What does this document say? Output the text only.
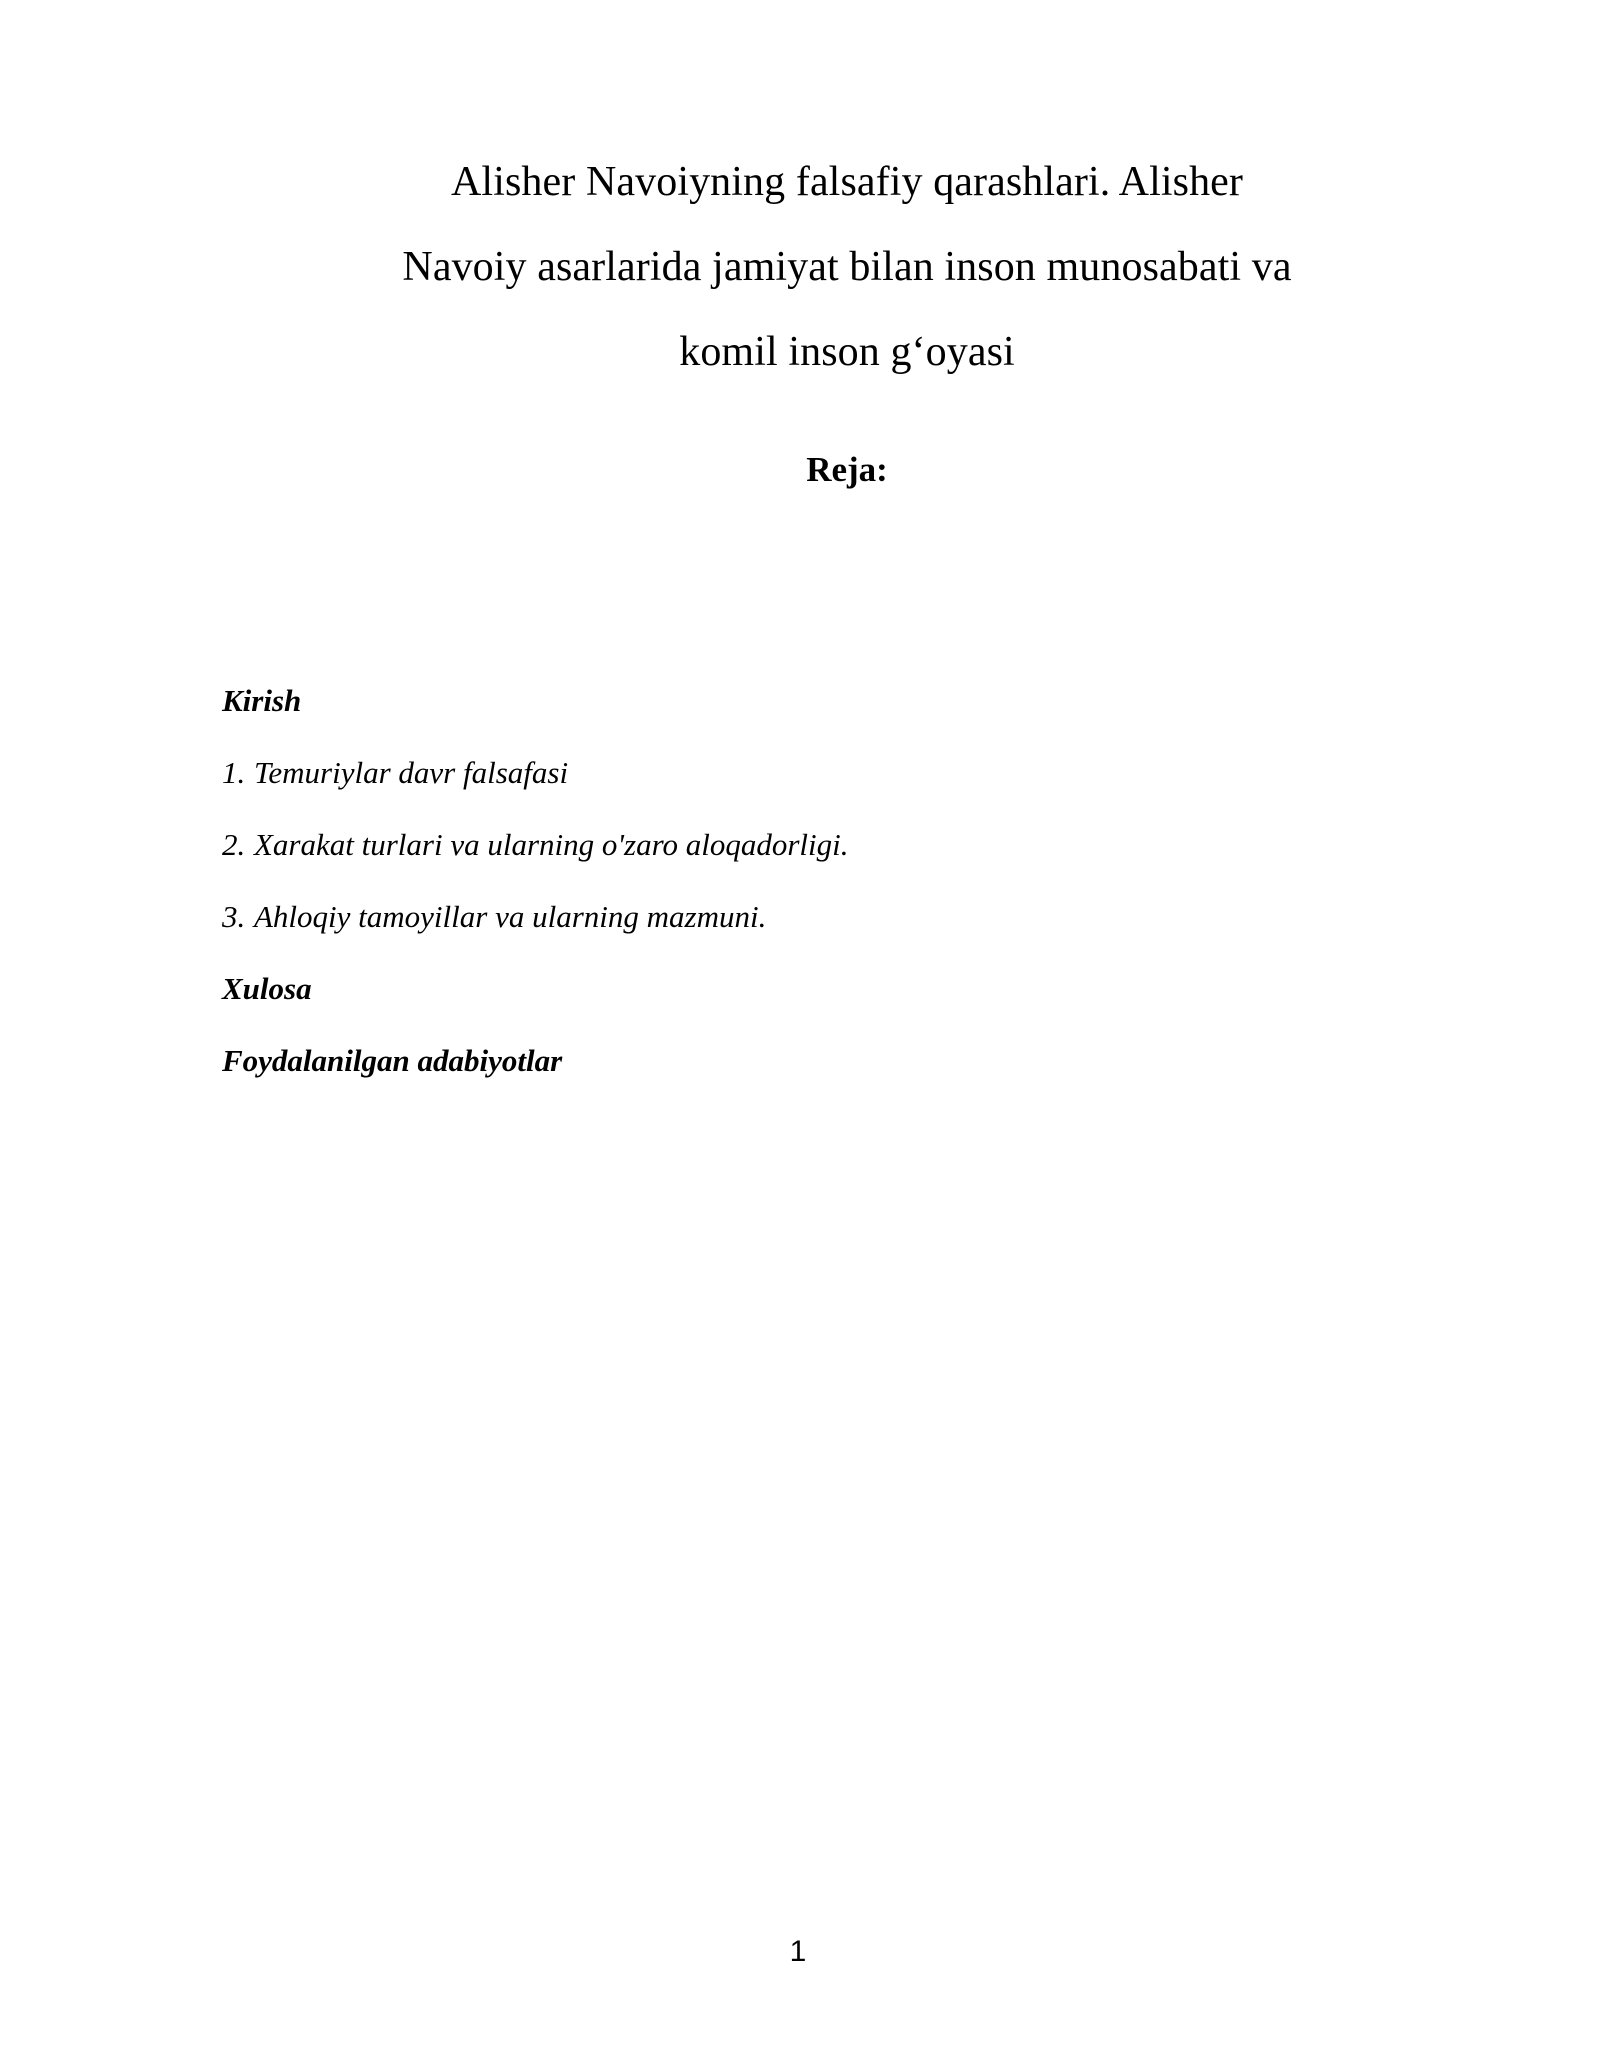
Alisher Navoiyning falsafiy qarashlari. Alisher
Navoiy asarlarida jamiyat bilan inson munosabati va
komil inson g‘oyasi
Reja:
Kirish
1. Temuriylar davr falsafasi
2. Xarakat turlari va ularning o'zaro aloqadorligi.
3. Ahloqiy tamoyillar va ularning mazmuni.
Xulosa
Foydalanilgan adabiyotlar
1
